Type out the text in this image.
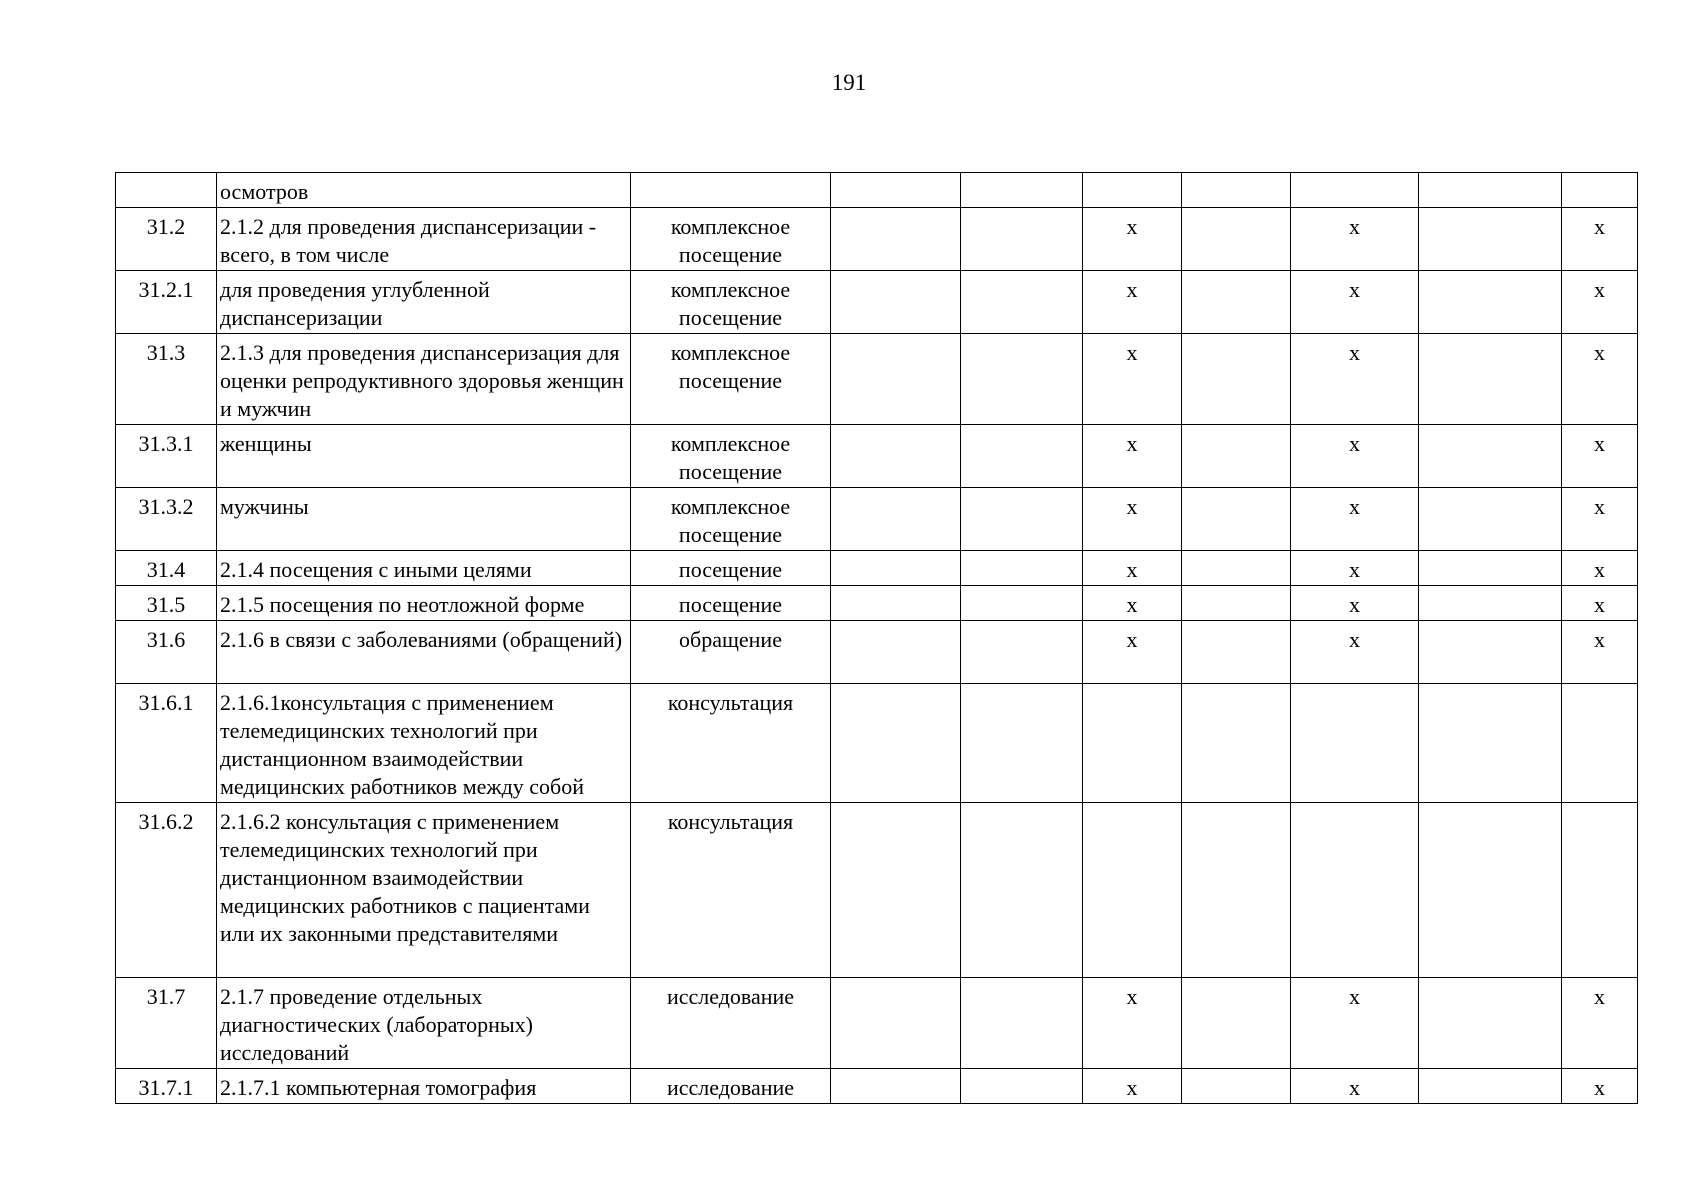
191
	осмотров								
31.2	2.1.2 для проведения диспансеризации - всего, в том числе	комплексное посещение			x		x		x
31.2.1	для проведения углубленной диспансеризации	комплексное посещение			x		x		x
31.3	2.1.3 для проведения диспансеризация для оценки репродуктивного здоровья женщин и мужчин	комплексное посещение			x		x		x
31.3.1	женщины	комплексное посещение			x		x		x
31.3.2	мужчины	комплексное посещение			x		x		x
31.4	2.1.4 посещения с иными целями	посещение			x		x		x
31.5	2.1.5 посещения по неотложной форме	посещение			x		x		x
31.6	2.1.6 в связи с заболеваниями (обращений)	обращение			x		x		x
31.6.1	2.1.6.1консультация с применением телемедицинских технологий при дистанционном взаимодействии медицинских работников между собой	консультация							
31.6.2	2.1.6.2 консультация с применением телемедицинских технологий при дистанционном взаимодействии медицинских работников с пациентами или их законными представителями	консультация							
31.7	2.1.7 проведение отдельных диагностических (лабораторных) исследований	исследование			x		x		x
31.7.1	2.1.7.1 компьютерная томография	исследование			x		x		x
